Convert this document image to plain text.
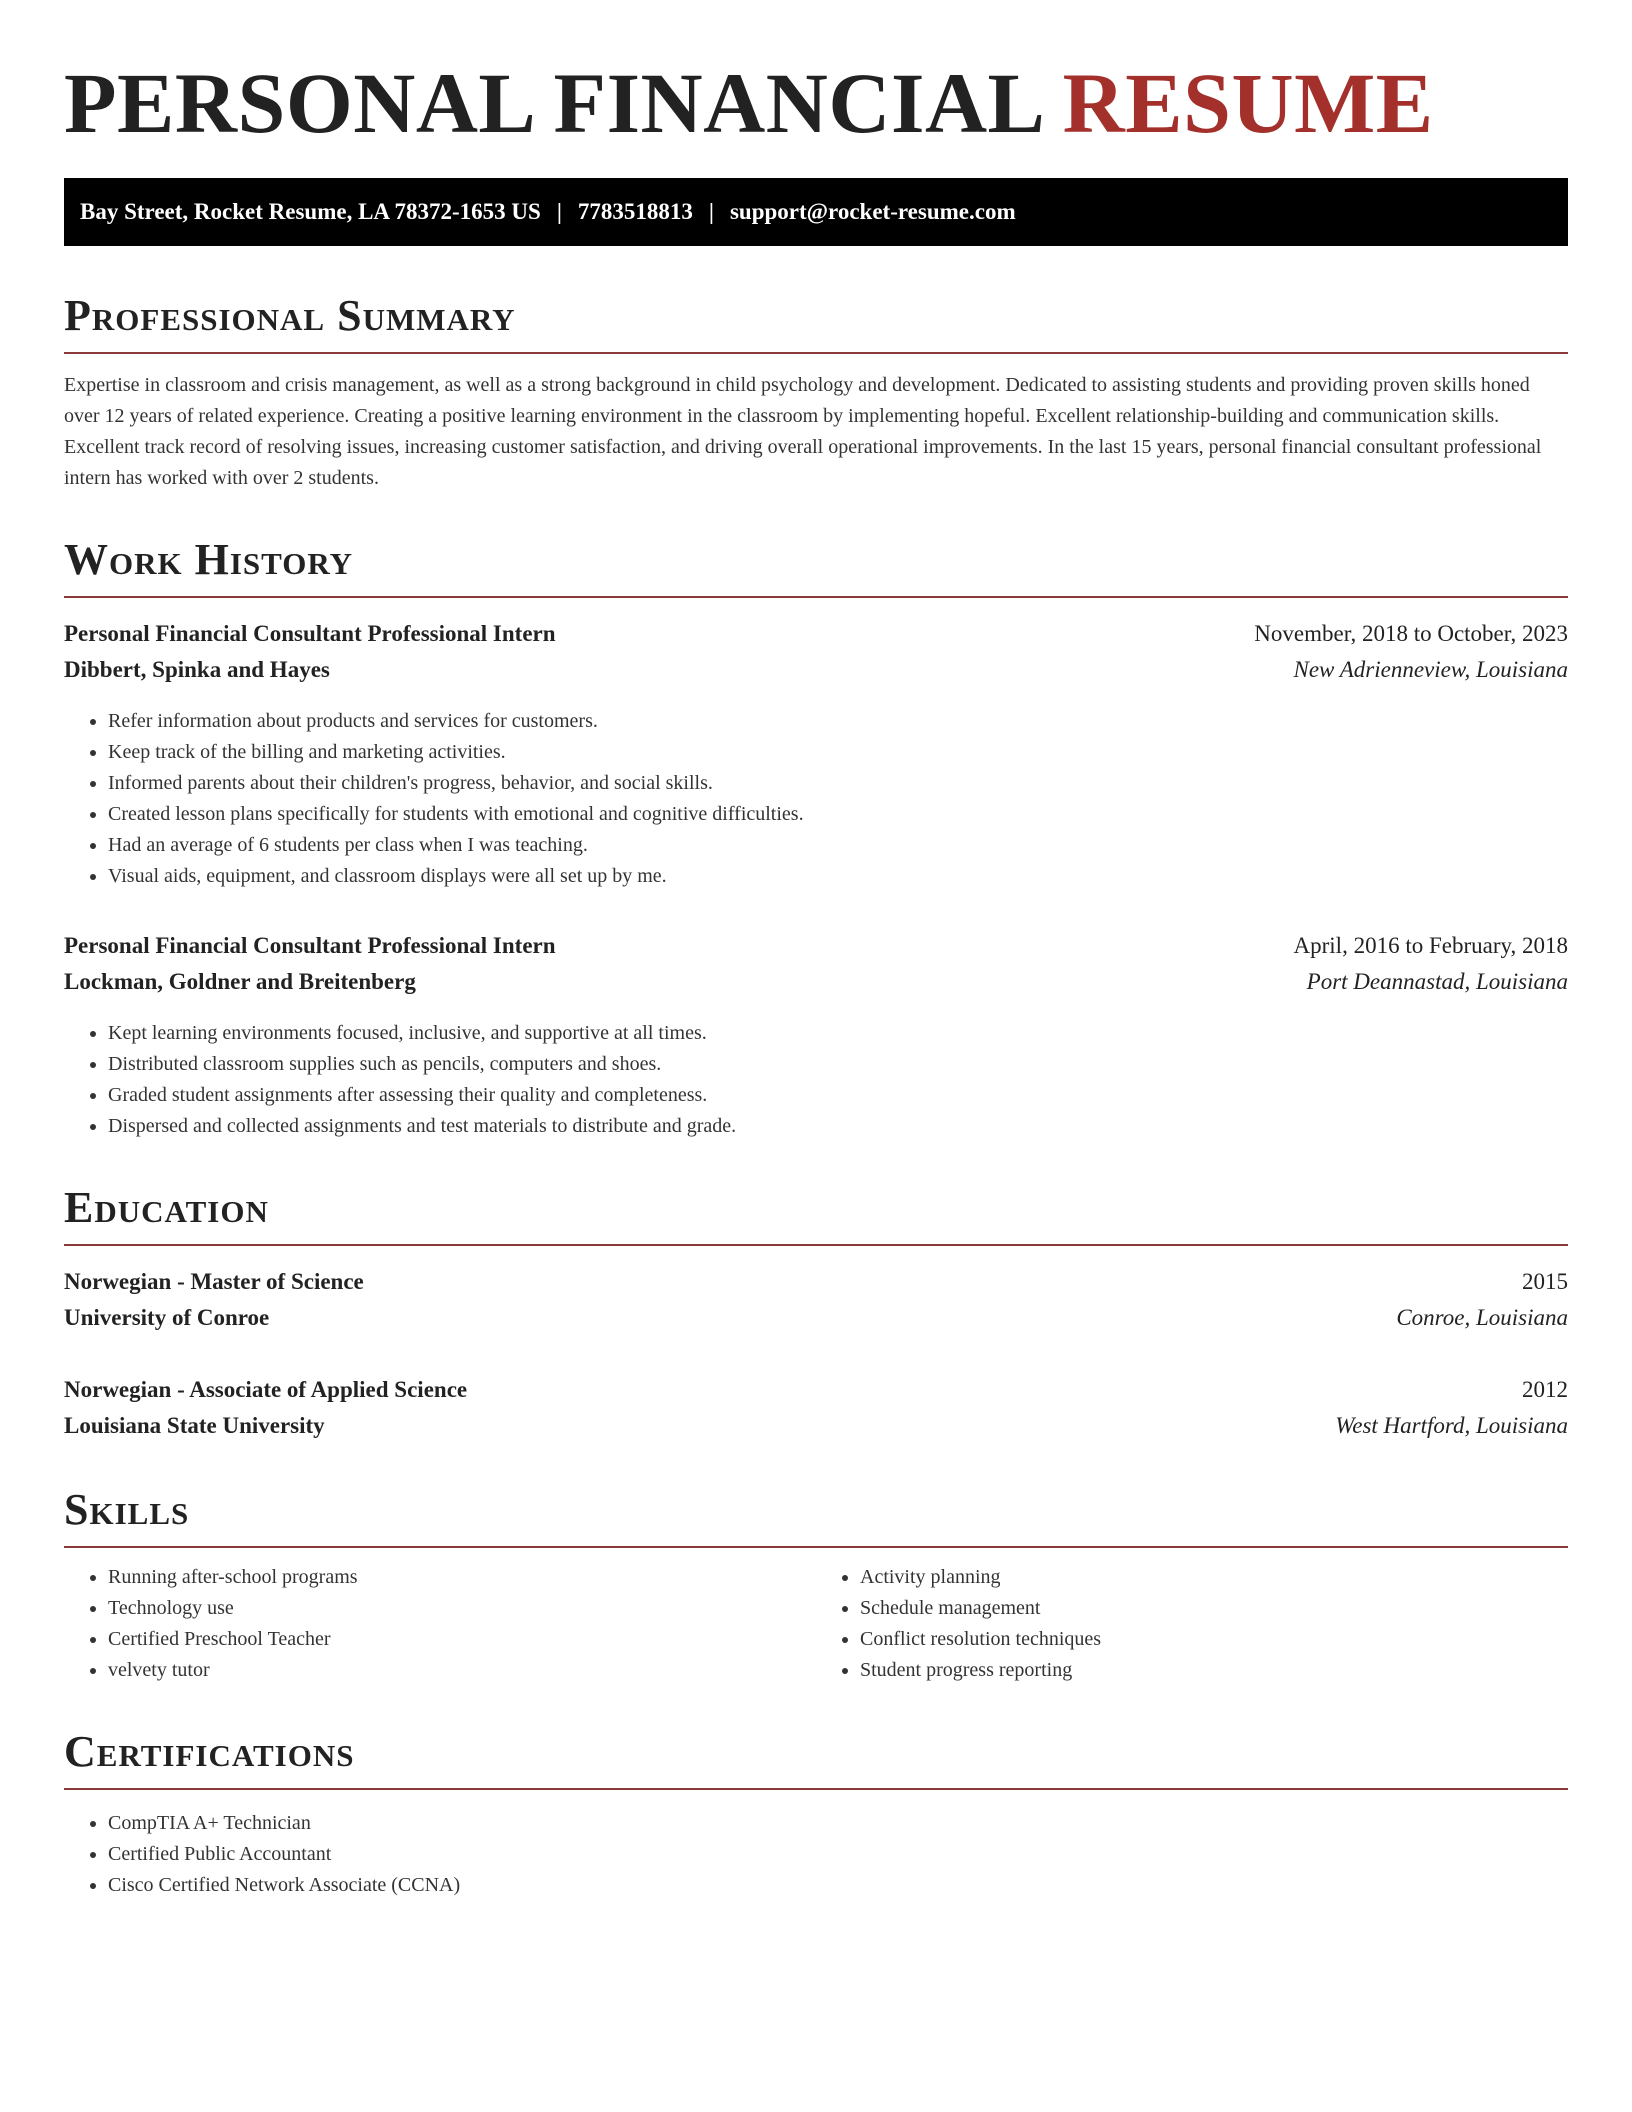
PERSONAL FINANCIAL RESUME
Bay Street, Rocket Resume, LA 78372-1653 US | 7783518813 | support@rocket-resume.com
Professional Summary

Expertise in classroom and crisis management, as well as a strong background in child psychology and development. Dedicated to assisting students and providing proven skills honed over 12 years of related experience. Creating a positive learning environment in the classroom by implementing hopeful. Excellent relationship-building and communication skills. Excellent track record of resolving issues, increasing customer satisfaction, and driving overall operational improvements. In the last 15 years, personal financial consultant professional intern has worked with over 2 students.

Work History
Personal Financial Consultant Professional Intern	November, 2018 to October, 2023
Dibbert, Spinka and Hayes	New Adrienneview, Louisiana
• Refer information about products and services for customers.
• Keep track of the billing and marketing activities.
• Informed parents about their children's progress, behavior, and social skills.
• Created lesson plans specifically for students with emotional and cognitive difficulties.
• Had an average of 6 students per class when I was teaching.
• Visual aids, equipment, and classroom displays were all set up by me.
Personal Financial Consultant Professional Intern	April, 2016 to February, 2018
Lockman, Goldner and Breitenberg	Port Deannastad, Louisiana
• Kept learning environments focused, inclusive, and supportive at all times.
• Distributed classroom supplies such as pencils, computers and shoes.
• Graded student assignments after assessing their quality and completeness.
• Dispersed and collected assignments and test materials to distribute and grade.
Education
Norwegian - Master of Science	2015
University of Conroe	Conroe, Louisiana
Norwegian - Associate of Applied Science	2012
Louisiana State University	West Hartford, Louisiana
Skills
• Running after-school programs
• Technology use
• Certified Preschool Teacher
• velvety tutor
• Activity planning
• Schedule management
• Conflict resolution techniques
• Student progress reporting
Certifications
• CompTIA A+ Technician
• Certified Public Accountant
• Cisco Certified Network Associate (CCNA)
